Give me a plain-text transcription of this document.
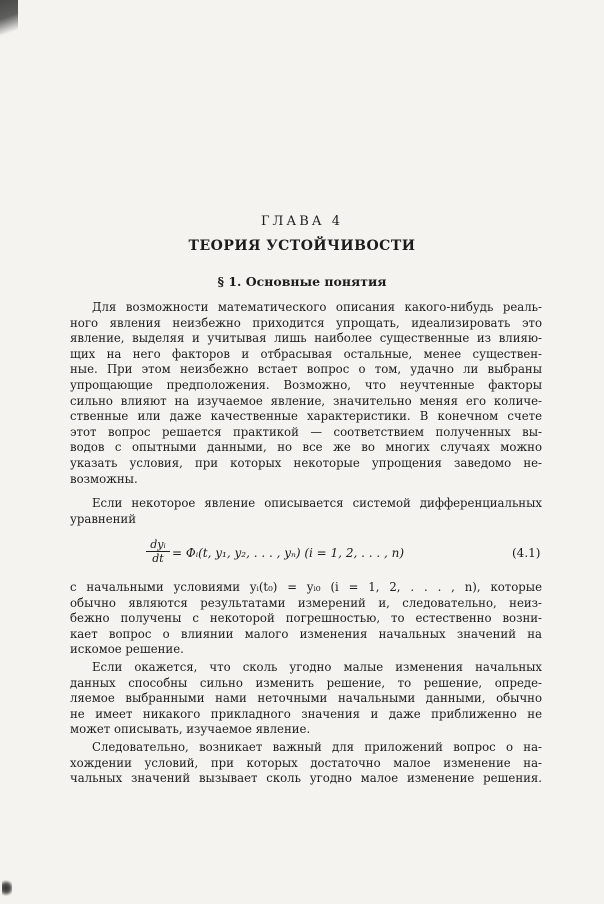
ГЛАВА 4
ТЕОРИЯ УСТОЙЧИВОСТИ
§ 1. Основные понятия
Для возможности математического описания какого-нибудь реаль-
ного явления неизбежно приходится упрощать, идеализировать это
явление, выделяя и учитывая лишь наиболее существенные из влияю-
щих на него факторов и отбрасывая остальные, менее существен-
ные. При этом неизбежно встает вопрос о том, удачно ли выбраны
упрощающие предположения. Возможно, что неучтенные факторы
сильно влияют на изучаемое явление, значительно меняя его количе-
ственные или даже качественные характеристики. В конечном счете
этот вопрос решается практикой — соответствием полученных вы-
водов с опытными данными, но все же во многих случаях можно
указать условия, при которых некоторые упрощения заведомо не-
возможны.
Если некоторое явление описывается системой дифференциальных
уравнений
dyᵢ
dt = Φᵢ(t, y₁, y₂, . . . , yₙ) (i = 1, 2, . . . , n)	(4.1)
с начальными условиями yᵢ(t₀) = yᵢ₀ (i = 1, 2, . . . , n), которые
обычно являются результатами измерений и, следовательно, неиз-
бежно получены с некоторой погрешностью, то естественно возни-
кает вопрос о влиянии малого изменения начальных значений на
искомое решение.
Если окажется, что сколь угодно малые изменения начальных
данных способны сильно изменить решение, то решение, опреде-
ляемое выбранными нами неточными начальными данными, обычно
не имеет никакого прикладного значения и даже приближенно не
может описывать, изучаемое явление.
Следовательно, возникает важный для приложений вопрос о на-
хождении условий, при которых достаточно малое изменение на-
чальных значений вызывает сколь угодно малое изменение решения.
